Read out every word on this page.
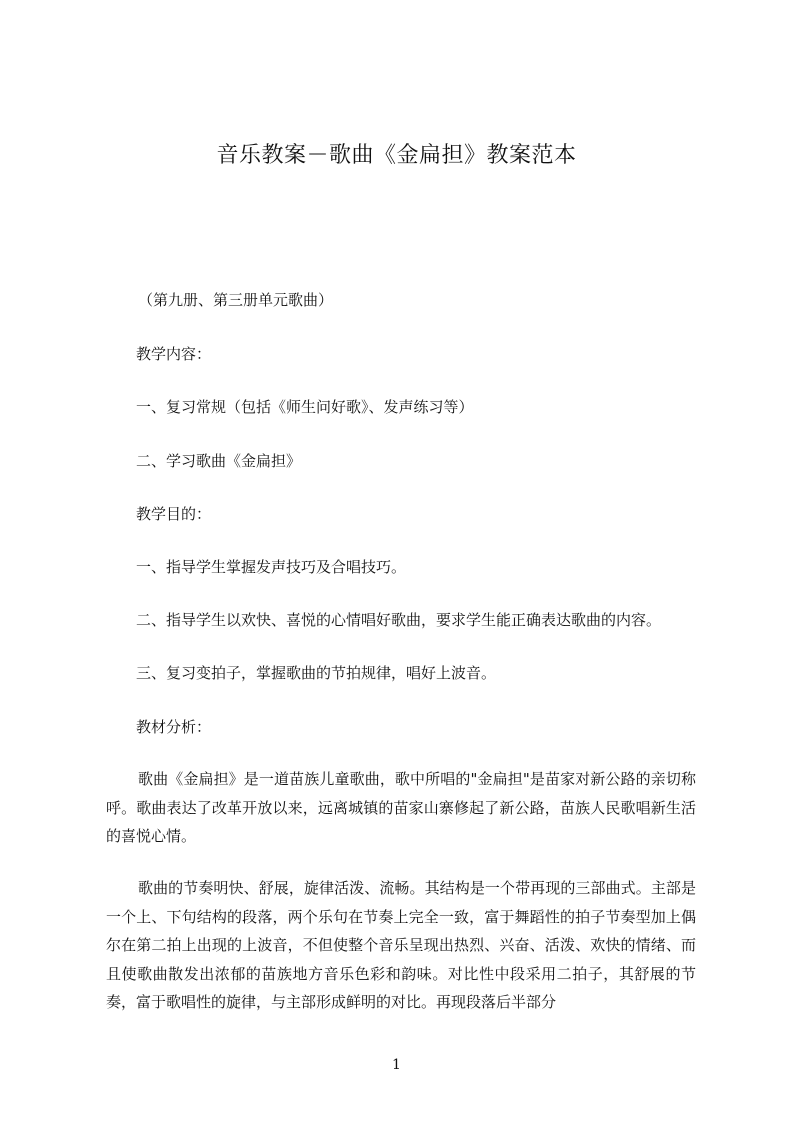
音乐教案－歌曲《金扁担》教案范本
（第九册、第三册单元歌曲）
教学内容：
一、复习常规（包括《师生问好歌》、发声练习等）
二、学习歌曲《金扁担》
教学目的：
一、指导学生掌握发声技巧及合唱技巧。
二、指导学生以欢快、喜悦的心情唱好歌曲，要求学生能正确表达歌曲的内容。
三、复习变拍子，掌握歌曲的节拍规律，唱好上波音。
教材分析：

歌曲《金扁担》是一道苗族儿童歌曲，歌中所唱的"金扁担"是苗家对新公路的亲切称呼。歌曲表达了改革开放以来，远离城镇的苗家山寨修起了新公路，苗族人民歌唱新生活的喜悦心情。

歌曲的节奏明快、舒展，旋律活泼、流畅。其结构是一个带再现的三部曲式。主部是一个上、下句结构的段落，两个乐句在节奏上完全一致，富于舞蹈性的拍子节奏型加上偶尔在第二拍上出现的上波音，不但使整个音乐呈现出热烈、兴奋、活泼、欢快的情绪、而且使歌曲散发出浓郁的苗族地方音乐色彩和韵味。对比性中段采用二拍子，其舒展的节奏，富于歌唱性的旋律，与主部形成鲜明的对比。再现段落后半部分

1
